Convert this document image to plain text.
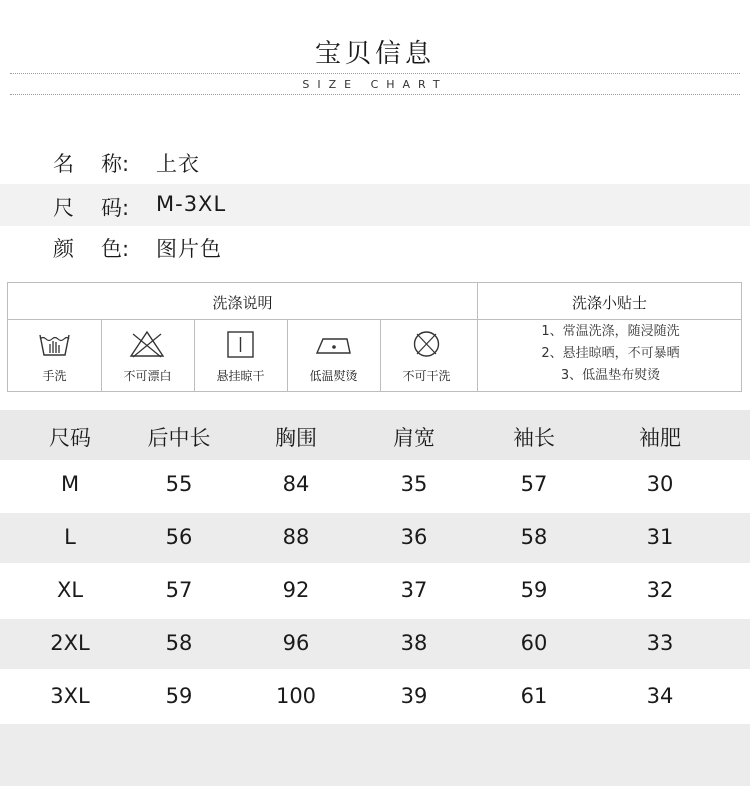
宝贝信息
SIZE CHART
名 称: 上衣
尺 码: M-3XL
颜 色: 图片色
洗涤说明	洗涤小贴士
手洗	不可漂白	悬挂晾干	低温熨烫	不可干洗
1、常温洗涤，随浸随洗
2、悬挂晾晒，不可暴晒
3、低温垫布熨烫
尺码	后中长	胸围	肩宽	袖长	袖肥
M	55	84	35	57	30
L	56	88	36	58	31
XL	57	92	37	59	32
2XL	58	96	38	60	33
3XL	59	100	39	61	34
